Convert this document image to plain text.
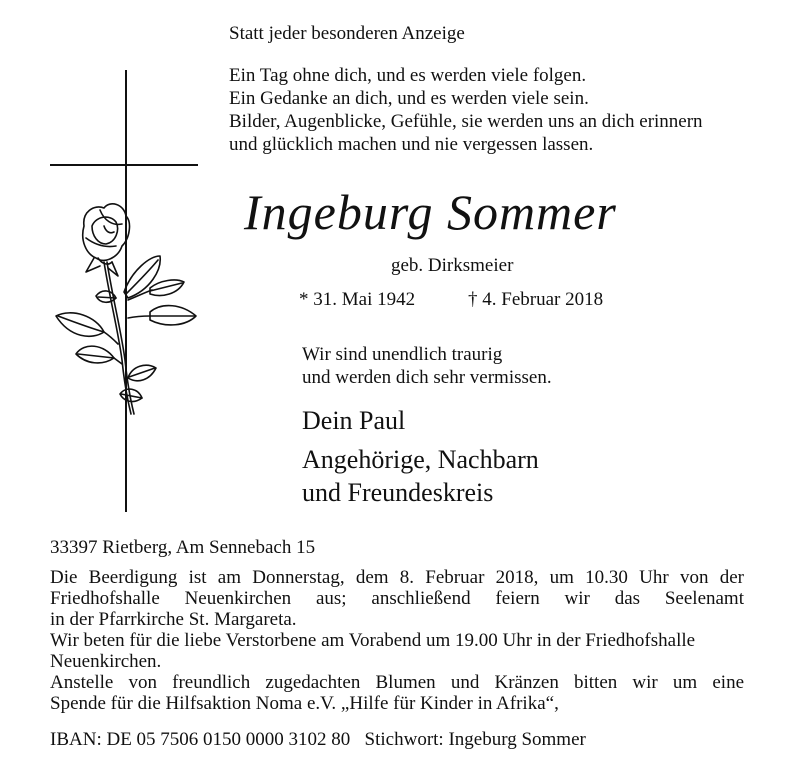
Statt jeder besonderen Anzeige
Ein Tag ohne dich, und es werden viele folgen.
Ein Gedanke an dich, und es werden viele sein.
Bilder, Augenblicke, Gefühle, sie werden uns an dich erinnern
und glücklich machen und nie vergessen lassen.
Ingeburg Sommer
geb. Dirksmeier
* 31. Mai 1942	† 4. Februar 2018
Wir sind unendlich traurig
und werden dich sehr vermissen.
Dein Paul
Angehörige, Nachbarn
und Freundeskreis
33397 Rietberg, Am Sennebach 15
Die Beerdigung ist am Donnerstag, dem 8. Februar 2018, um 10.30 Uhr von der
Friedhofshalle Neuenkirchen aus; anschließend feiern wir das Seelenamt
in der Pfarrkirche St. Margareta.
Wir beten für die liebe Verstorbene am Vorabend um 19.00 Uhr in der Friedhofshalle
Neuenkirchen.
Anstelle von freundlich zugedachten Blumen und Kränzen bitten wir um eine
Spende für die Hilfsaktion Noma e.V. „Hilfe für Kinder in Afrika“,
IBAN: DE 05 7506 0150 0000 3102 80   Stichwort: Ingeburg Sommer
